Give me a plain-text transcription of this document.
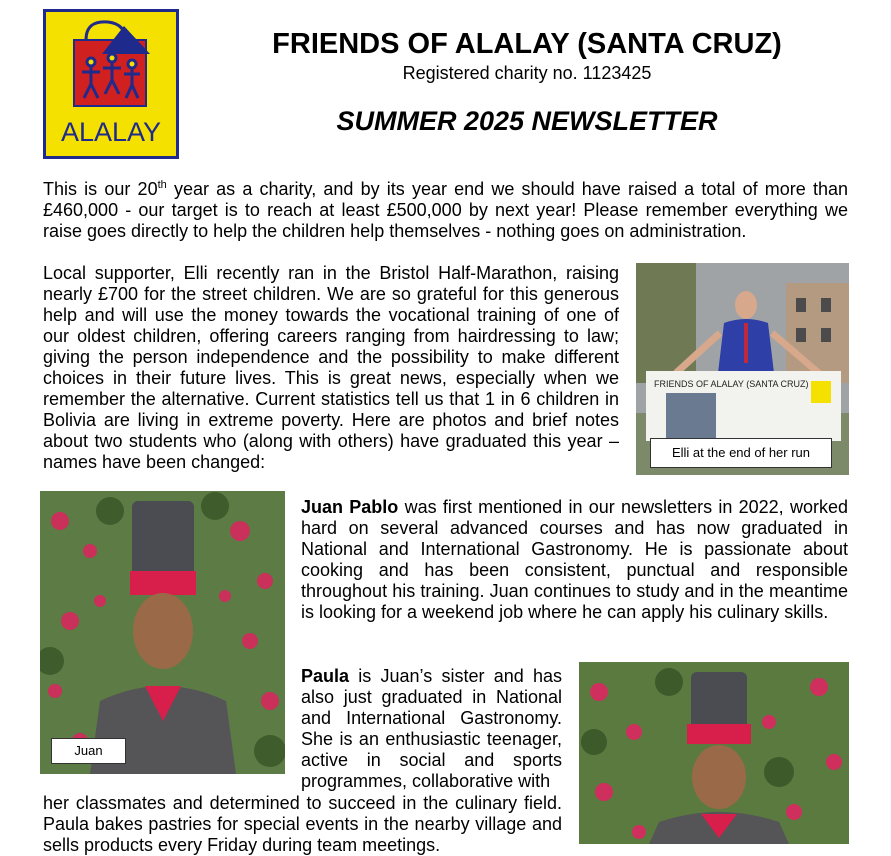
ALALAY
FRIENDS OF ALALAY (SANTA CRUZ)
Registered charity no. 1123425
SUMMER 2025 NEWSLETTER

This is our 20th year as a charity, and by its year end we should have raised a total of more than £460,000 - our target is to reach at least £500,000 by next year! Please remember everything we raise goes directly to help the children help themselves - nothing goes on administration.

Local supporter, Elli recently ran in the Bristol Half-Marathon, raising nearly £700 for the street children. We are so grateful for this generous help and will use the money towards the vocational training of one of our oldest children, offering careers ranging from hairdressing to law; giving the person independence and the possibility to make different choices in their future lives. This is great news, especially when we remember the alternative. Current statistics tell us that 1 in 6 children in Bolivia are living in extreme poverty. Here are photos and brief notes about two students who (along with others) have graduated this year – names have been changed:

FRIENDS OF ALALAY (SANTA CRUZ)
Elli at the end of her run
Juan

Juan Pablo was first mentioned in our newsletters in 2022, worked hard on several advanced courses and has now graduated in National and International Gastronomy. He is passionate about cooking and has been consistent, punctual and responsible throughout his training. Juan continues to study and in the meantime is looking for a weekend job where he can apply his culinary skills.

Paula is Juan’s sister and has also just graduated in National and International Gastronomy. She is an enthusiastic teenager, active in social and sports programmes, collaborative with

her classmates and determined to succeed in the culinary field. Paula bakes pastries for special events in the nearby village and sells products every Friday during team meetings.
